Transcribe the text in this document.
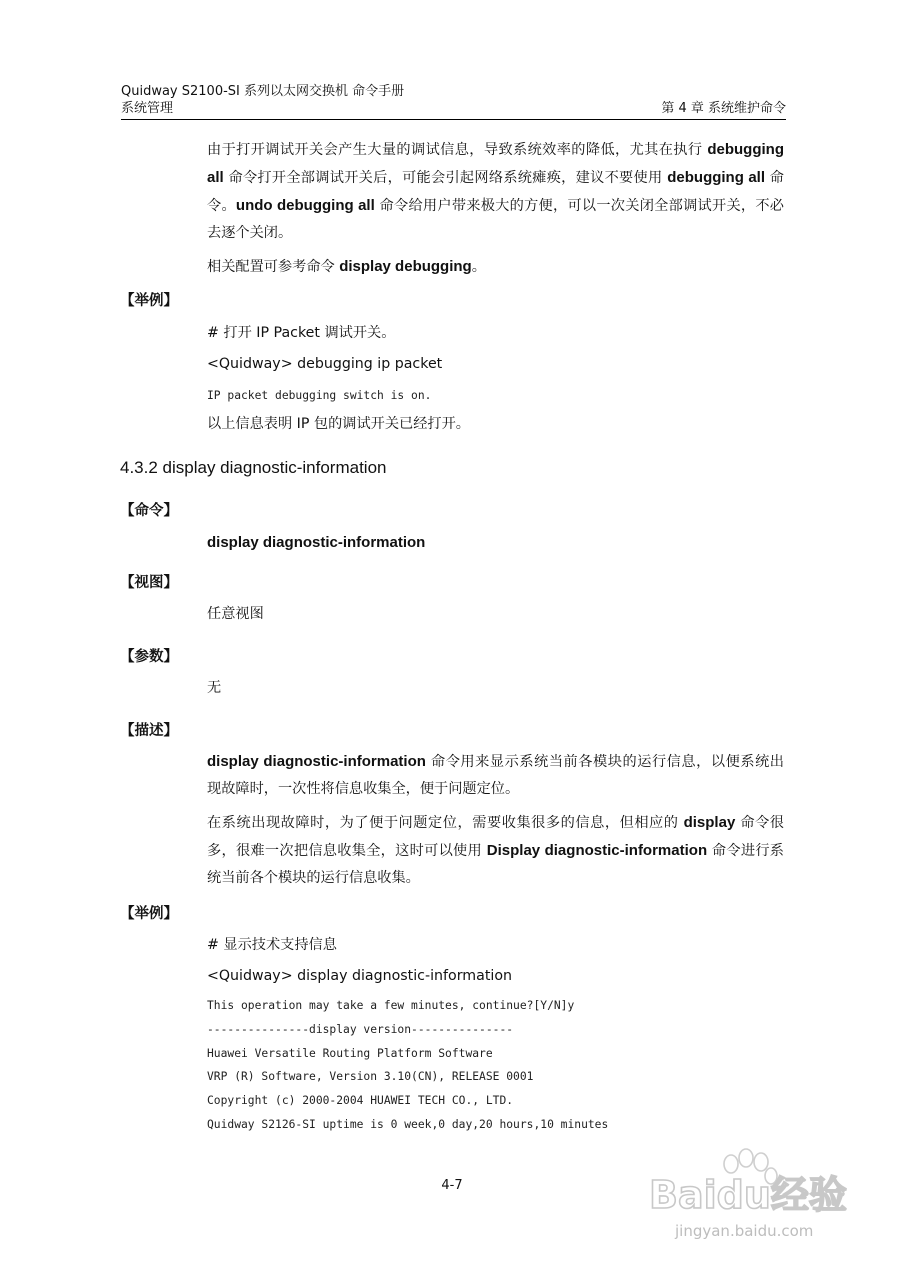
Quidway S2100-SI 系列以太网交换机 命令手册
系统管理	第 4 章 系统维护命令

由于打开调试开关会产生大量的调试信息，导致系统效率的降低，尤其在执行 debugging all 命令打开全部调试开关后，可能会引起网络系统瘫痪，建议不要使用 debugging all 命令。undo debugging all 命令给用户带来极大的方便，可以一次关闭全部调试开关，不必去逐个关闭。

相关配置可参考命令 display debugging。

【举例】
# 打开 IP Packet 调试开关。
<Quidway> debugging ip packet
IP packet debugging switch is on.
以上信息表明 IP 包的调试开关已经打开。
4.3.2 display diagnostic-information
【命令】
display diagnostic-information
【视图】
任意视图
【参数】
无
【描述】

display diagnostic-information 命令用来显示系统当前各模块的运行信息，以便系统出现故障时，一次性将信息收集全，便于问题定位。

在系统出现故障时，为了便于问题定位，需要收集很多的信息，但相应的 display 命令很多，很难一次把信息收集全，这时可以使用 Display diagnostic-information 命令进行系统当前各个模块的运行信息收集。

【举例】
# 显示技术支持信息
<Quidway> display diagnostic-information
This operation may take a few minutes, continue?[Y/N]y
---------------display version---------------
Huawei Versatile Routing Platform Software
VRP (R) Software, Version 3.10(CN), RELEASE 0001
Copyright (c) 2000-2004 HUAWEI TECH CO., LTD.
Quidway S2126-SI uptime is 0 week,0 day,20 hours,10 minutes
4-7	Baidu经验
jingyan.baidu.com
